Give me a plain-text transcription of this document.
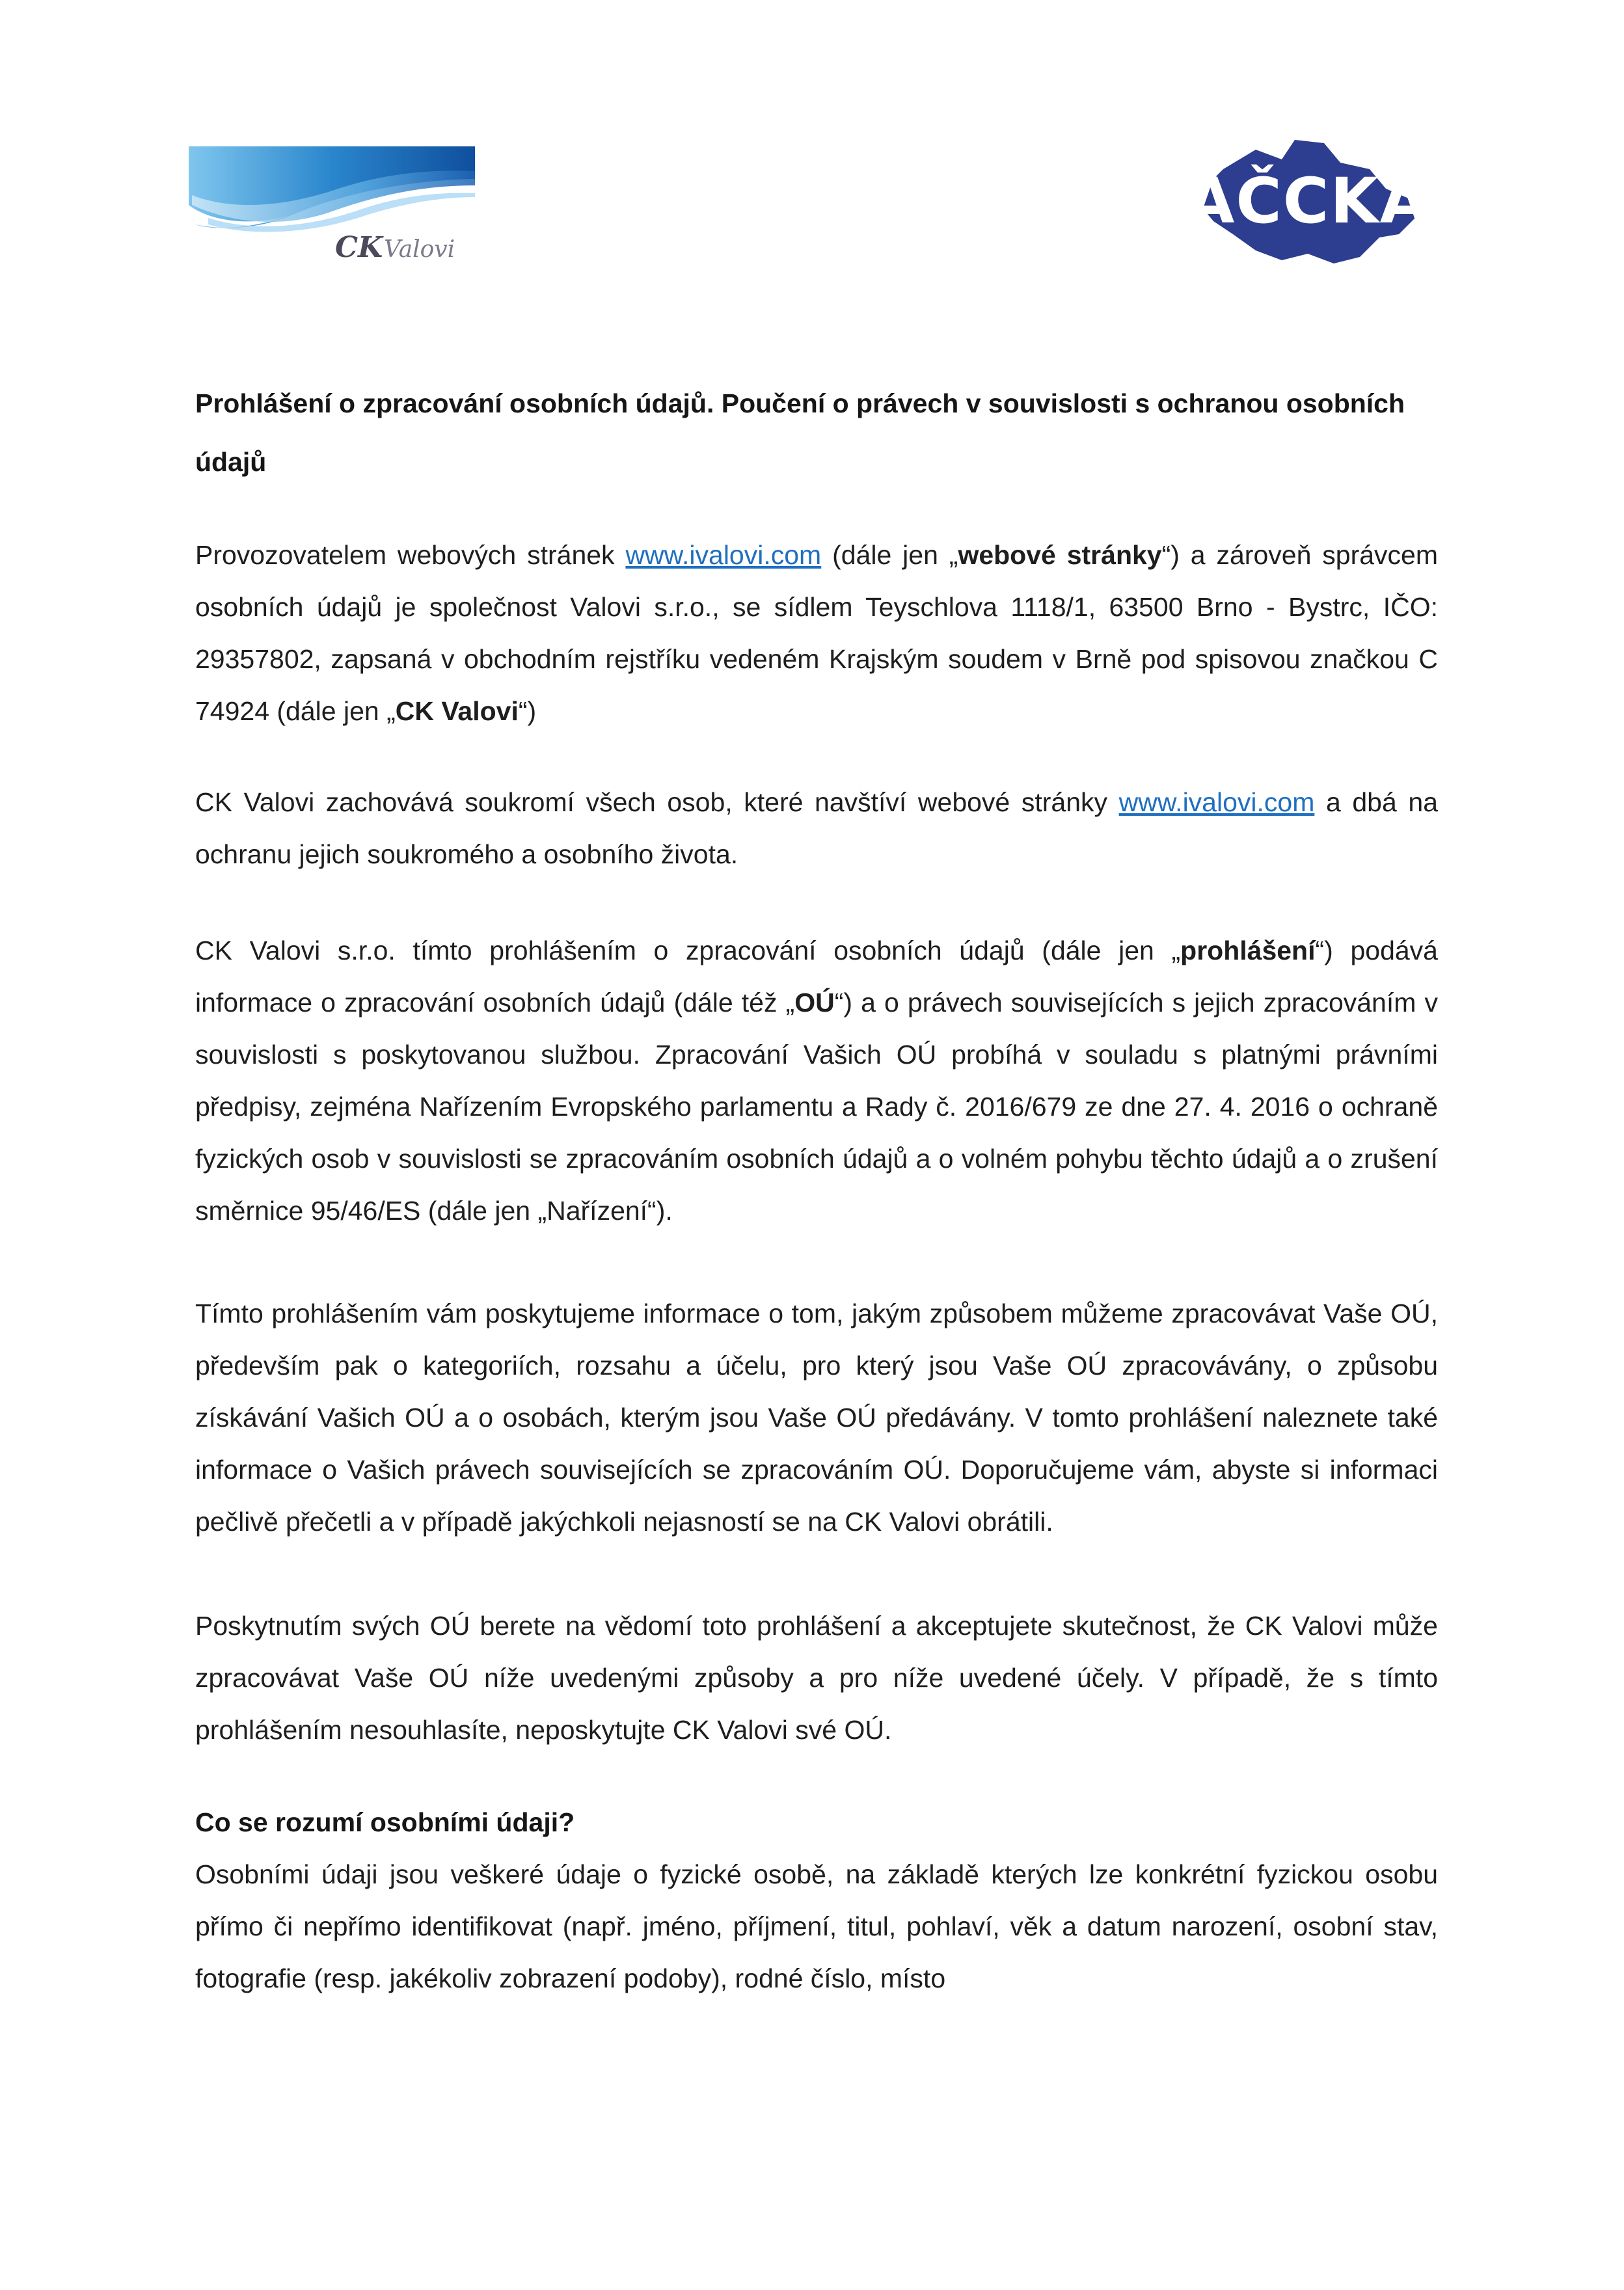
CK Valovi
AČCKA
Prohlášení o zpracování osobních údajů. Poučení o právech v souvislosti s ochranou osobních údajů

Provozovatelem webových stránek www.ivalovi.com (dále jen „webové stránky“) a zároveň správcem osobních údajů je společnost Valovi s.r.o., se sídlem Teyschlova 1118/1, 63500 Brno - Bystrc, IČO: 29357802, zapsaná v obchodním rejstříku vedeném Krajským soudem v Brně pod spisovou značkou C 74924 (dále jen „CK Valovi“)

CK Valovi zachovává soukromí všech osob, které navštíví webové stránky www.ivalovi.com a dbá na ochranu jejich soukromého a osobního života.

CK Valovi s.r.o. tímto prohlášením o zpracování osobních údajů (dále jen „prohlášení“) podává informace o zpracování osobních údajů (dále též „OÚ“) a o právech souvisejících s jejich zpracováním v souvislosti s poskytovanou službou. Zpracování Vašich OÚ probíhá v souladu s platnými právními předpisy, zejména Nařízením Evropského parlamentu a Rady č. 2016/679 ze dne 27. 4. 2016 o ochraně fyzických osob v souvislosti se zpracováním osobních údajů a o volném pohybu těchto údajů a o zrušení směrnice 95/46/ES (dále jen „Nařízení“).

Tímto prohlášením vám poskytujeme informace o tom, jakým způsobem můžeme zpracovávat Vaše OÚ, především pak o kategoriích, rozsahu a účelu, pro který jsou Vaše OÚ zpracovávány, o způsobu získávání Vašich OÚ a o osobách, kterým jsou Vaše OÚ předávány. V tomto prohlášení naleznete také informace o Vašich právech souvisejících se zpracováním OÚ. Doporučujeme vám, abyste si informaci pečlivě přečetli a v případě jakýchkoli nejasností se na CK Valovi obrátili.

Poskytnutím svých OÚ berete na vědomí toto prohlášení a akceptujete skutečnost, že CK Valovi může zpracovávat Vaše OÚ níže uvedenými způsoby a pro níže uvedené účely. V případě, že s tímto prohlášením nesouhlasíte, neposkytujte CK Valovi své OÚ.

Co se rozumí osobními údaji?

Osobními údaji jsou veškeré údaje o fyzické osobě, na základě kterých lze konkrétní fyzickou osobu přímo či nepřímo identifikovat (např. jméno, příjmení, titul, pohlaví, věk a datum narození, osobní stav, fotografie (resp. jakékoliv zobrazení podoby), rodné číslo, místo
